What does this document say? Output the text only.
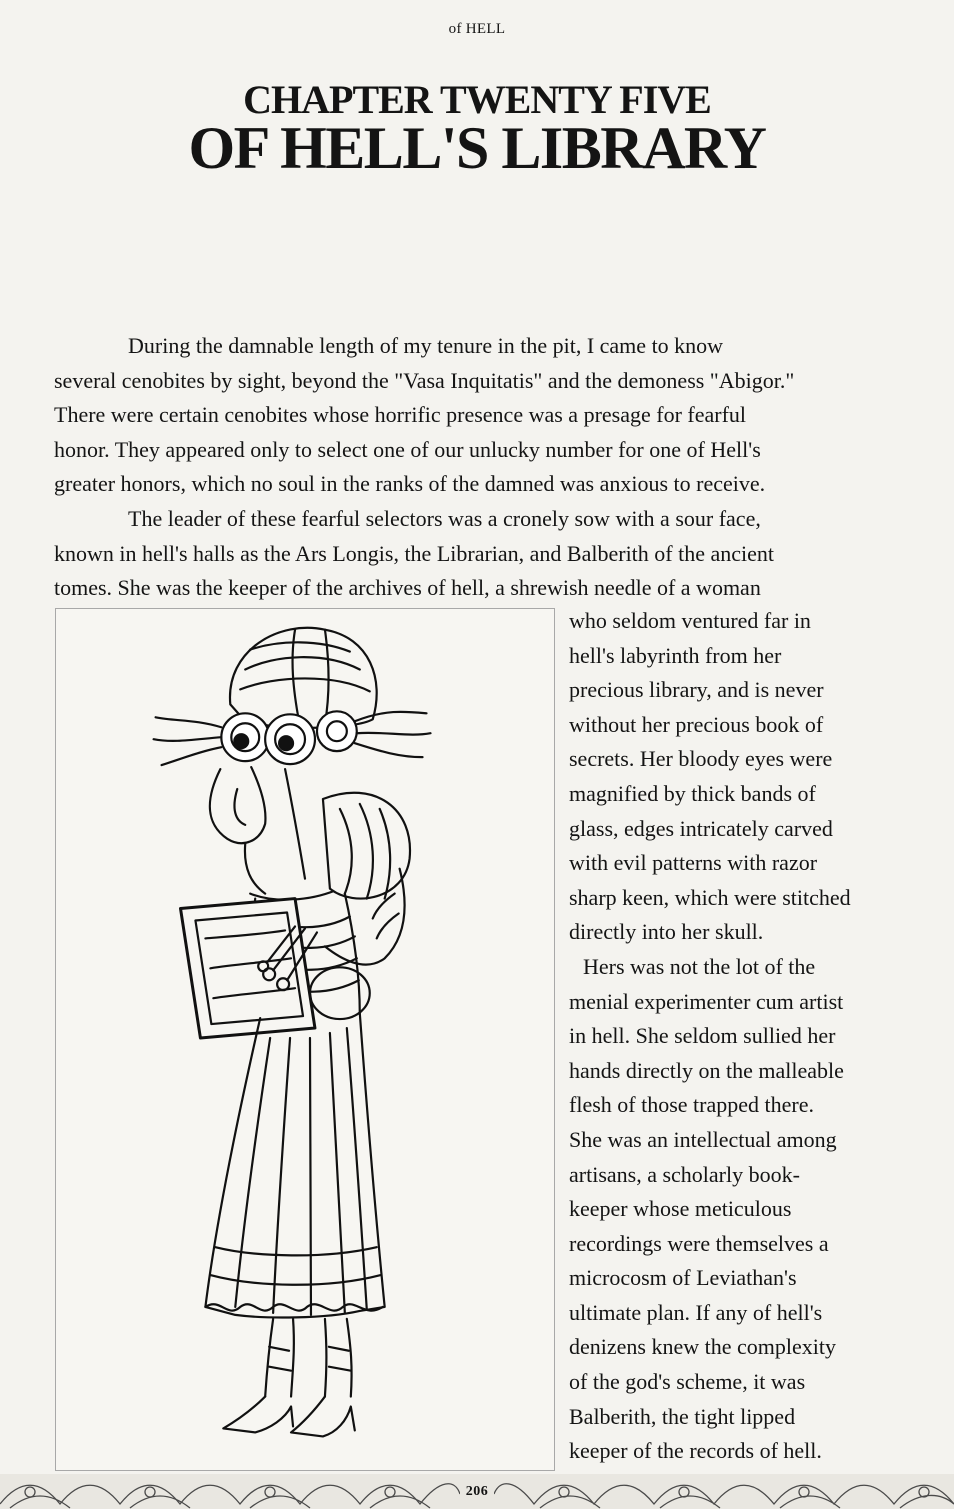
of HELL
CHAPTER TWENTY FIVE
OF HELL'S LIBRARY
During the damnable length of my tenure in the pit, I came to know
several cenobites by sight, beyond the "Vasa Inquitatis" and the demoness "Abigor."
There were certain cenobites whose horrific presence was a presage for fearful
honor. They appeared only to select one of our unlucky number for one of Hell's
greater honors, which no soul in the ranks of the damned was anxious to receive.
The leader of these fearful selectors was a cronely sow with a sour face,
known in hell's halls as the Ars Longis, the Librarian, and Balberith of the ancient
tomes. She was the keeper of the archives of hell, a shrewish needle of a woman
who seldom ventured far in
hell's labyrinth from her
precious library, and is never
without her precious book of
secrets. Her bloody eyes were
magnified by thick bands of
glass, edges intricately carved
with evil patterns with razor
sharp keen, which were stitched
directly into her skull.
Hers was not the lot of the
menial experimenter cum artist
in hell. She seldom sullied her
hands directly on the malleable
flesh of those trapped there.
She was an intellectual among
artisans, a scholarly book-
keeper whose meticulous
recordings were themselves a
microcosm of Leviathan's
ultimate plan. If any of hell's
denizens knew the complexity
of the god's scheme, it was
Balberith, the tight lipped
keeper of the records of hell.
206
